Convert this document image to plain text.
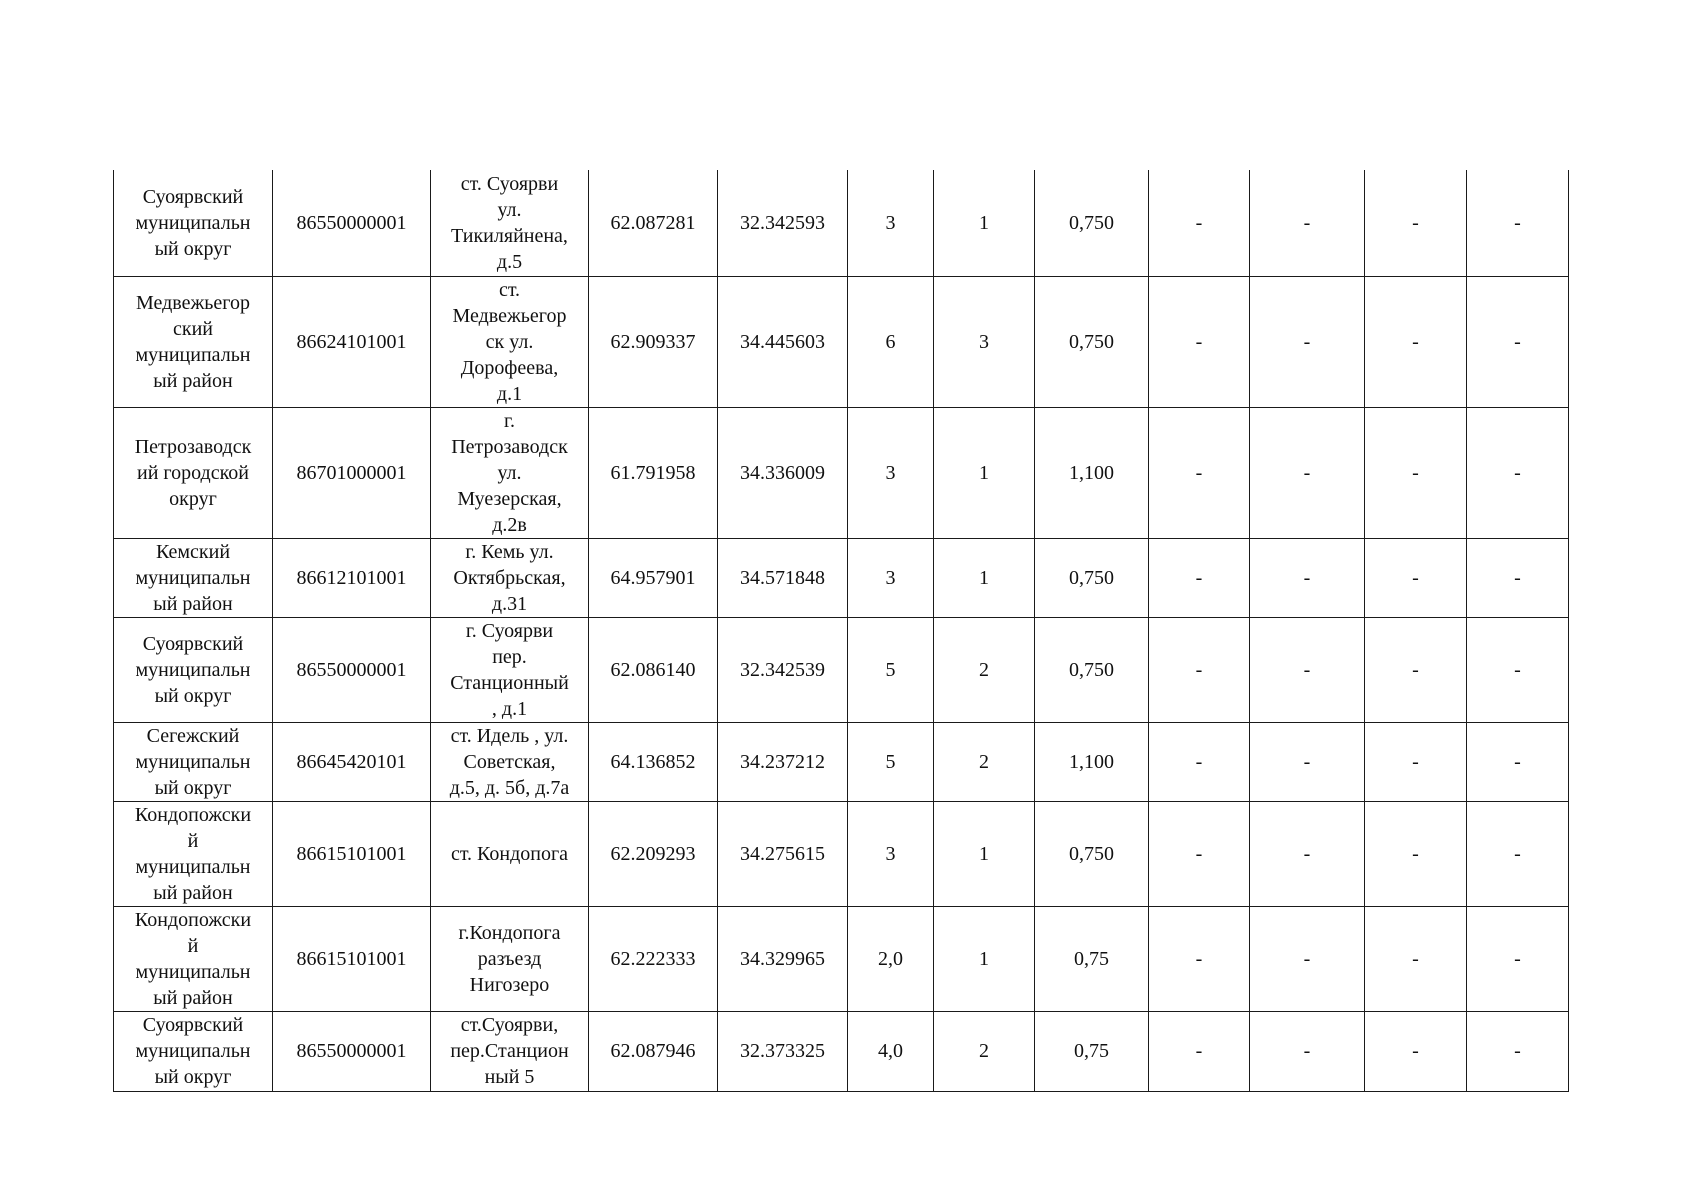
Суоярвский
муниципальн
ый округ	86550000001	ст. Суоярви
ул.
Тикиляйнена,
д.5	62.087281	32.342593	3	1	0,750	-	-	-	-

Медвежьегор
ский
муниципальн
ый район	86624101001	ст.
Медвежьегор
ск ул.
Дорофеева,
д.1	62.909337	34.445603	6	3	0,750	-	-	-	-

Петрозаводск
ий городской
округ	86701000001	г.
Петрозаводск
ул.
Муезерская,
д.2в	61.791958	34.336009	3	1	1,100	-	-	-	-

Кемский
муниципальн
ый район	86612101001	г. Кемь ул.
Октябрьская,
д.31	64.957901	34.571848	3	1	0,750	-	-	-	-

Суоярвский
муниципальн
ый округ	86550000001	г. Суоярви
пер.
Станционный
, д.1	62.086140	32.342539	5	2	0,750	-	-	-	-

Сегежский
муниципальн
ый округ	86645420101	ст. Идель , ул.
Советская,
д.5, д. 5б, д.7а	64.136852	34.237212	5	2	1,100	-	-	-	-

Кондопожски
й
муниципальн
ый район	86615101001	ст. Кондопога	62.209293	34.275615	3	1	0,750	-	-	-	-

Кондопожски
й
муниципальн
ый район	86615101001	г.Кондопога
разъезд
Нигозеро	62.222333	34.329965	2,0	1	0,75	-	-	-	-

Суоярвский
муниципальн
ый округ	86550000001	ст.Суоярви,
пер.Станцион
ный 5	62.087946	32.373325	4,0	2	0,75	-	-	-	-
